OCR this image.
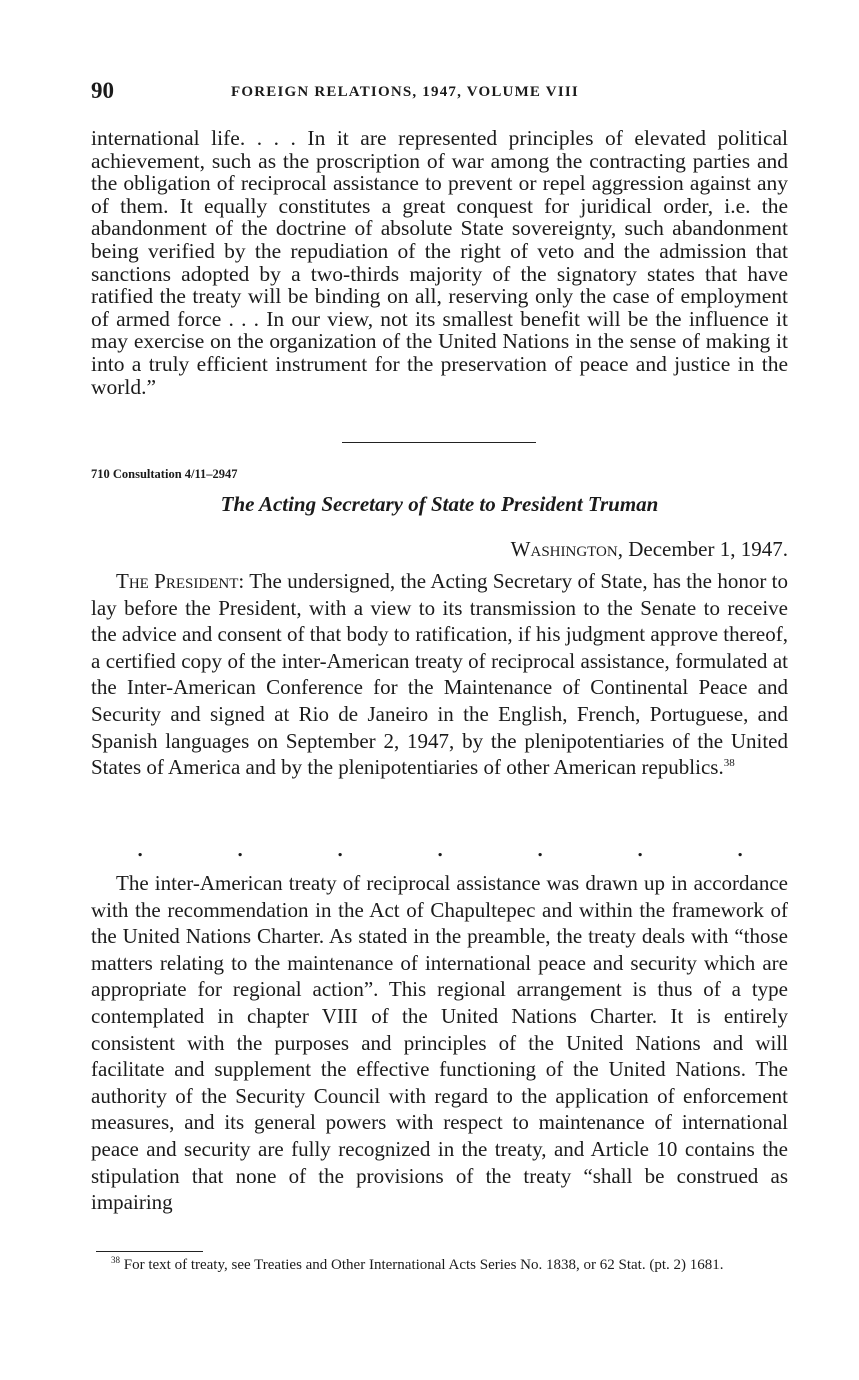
90	FOREIGN RELATIONS, 1947, VOLUME VIII

international life. . . . In it are represented principles of elevated political achievement, such as the proscription of war among the contracting parties and the obligation of reciprocal assistance to prevent or repel aggression against any of them. It equally constitutes a great conquest for juridical order, i.e. the abandonment of the doctrine of absolute State sovereignty, such abandonment being verified by the repudiation of the right of veto and the admission that sanctions adopted by a two-thirds majority of the signatory states that have ratified the treaty will be binding on all, reserving only the case of employment of armed force . . . In our view, not its smallest benefit will be the influence it may exercise on the organization of the United Nations in the sense of making it into a truly efficient instrument for the preservation of peace and justice in the world.”

710 Consultation 4/11–2947
The Acting Secretary of State to President Truman
Washington, December 1, 1947.

The President: The undersigned, the Acting Secretary of State, has the honor to lay before the President, with a view to its transmission to the Senate to receive the advice and consent of that body to ratification, if his judgment approve thereof, a certified copy of the inter-American treaty of reciprocal assistance, formulated at the Inter-American Conference for the Maintenance of Continental Peace and Security and signed at Rio de Janeiro in the English, French, Portuguese, and Spanish languages on September 2, 1947, by the plenipotentiaries of the United States of America and by the plenipotentiaries of other American republics.$^{38}$

.	.	.	.	.	.	.

The inter-American treaty of reciprocal assistance was drawn up in accordance with the recommendation in the Act of Chapultepec and within the framework of the United Nations Charter. As stated in the preamble, the treaty deals with “those matters relating to the maintenance of international peace and security which are appropriate for regional action”. This regional arrangement is thus of a type contemplated in chapter VIII of the United Nations Charter. It is entirely consistent with the purposes and principles of the United Nations and will facilitate and supplement the effective functioning of the United Nations. The authority of the Security Council with regard to the application of enforcement measures, and its general powers with respect to maintenance of international peace and security are fully recognized in the treaty, and Article 10 contains the stipulation that none of the provisions of the treaty “shall be construed as impairing

$^{38}$ For text of treaty, see Treaties and Other International Acts Series No. 1838, or 62 Stat. (pt. 2) 1681.
